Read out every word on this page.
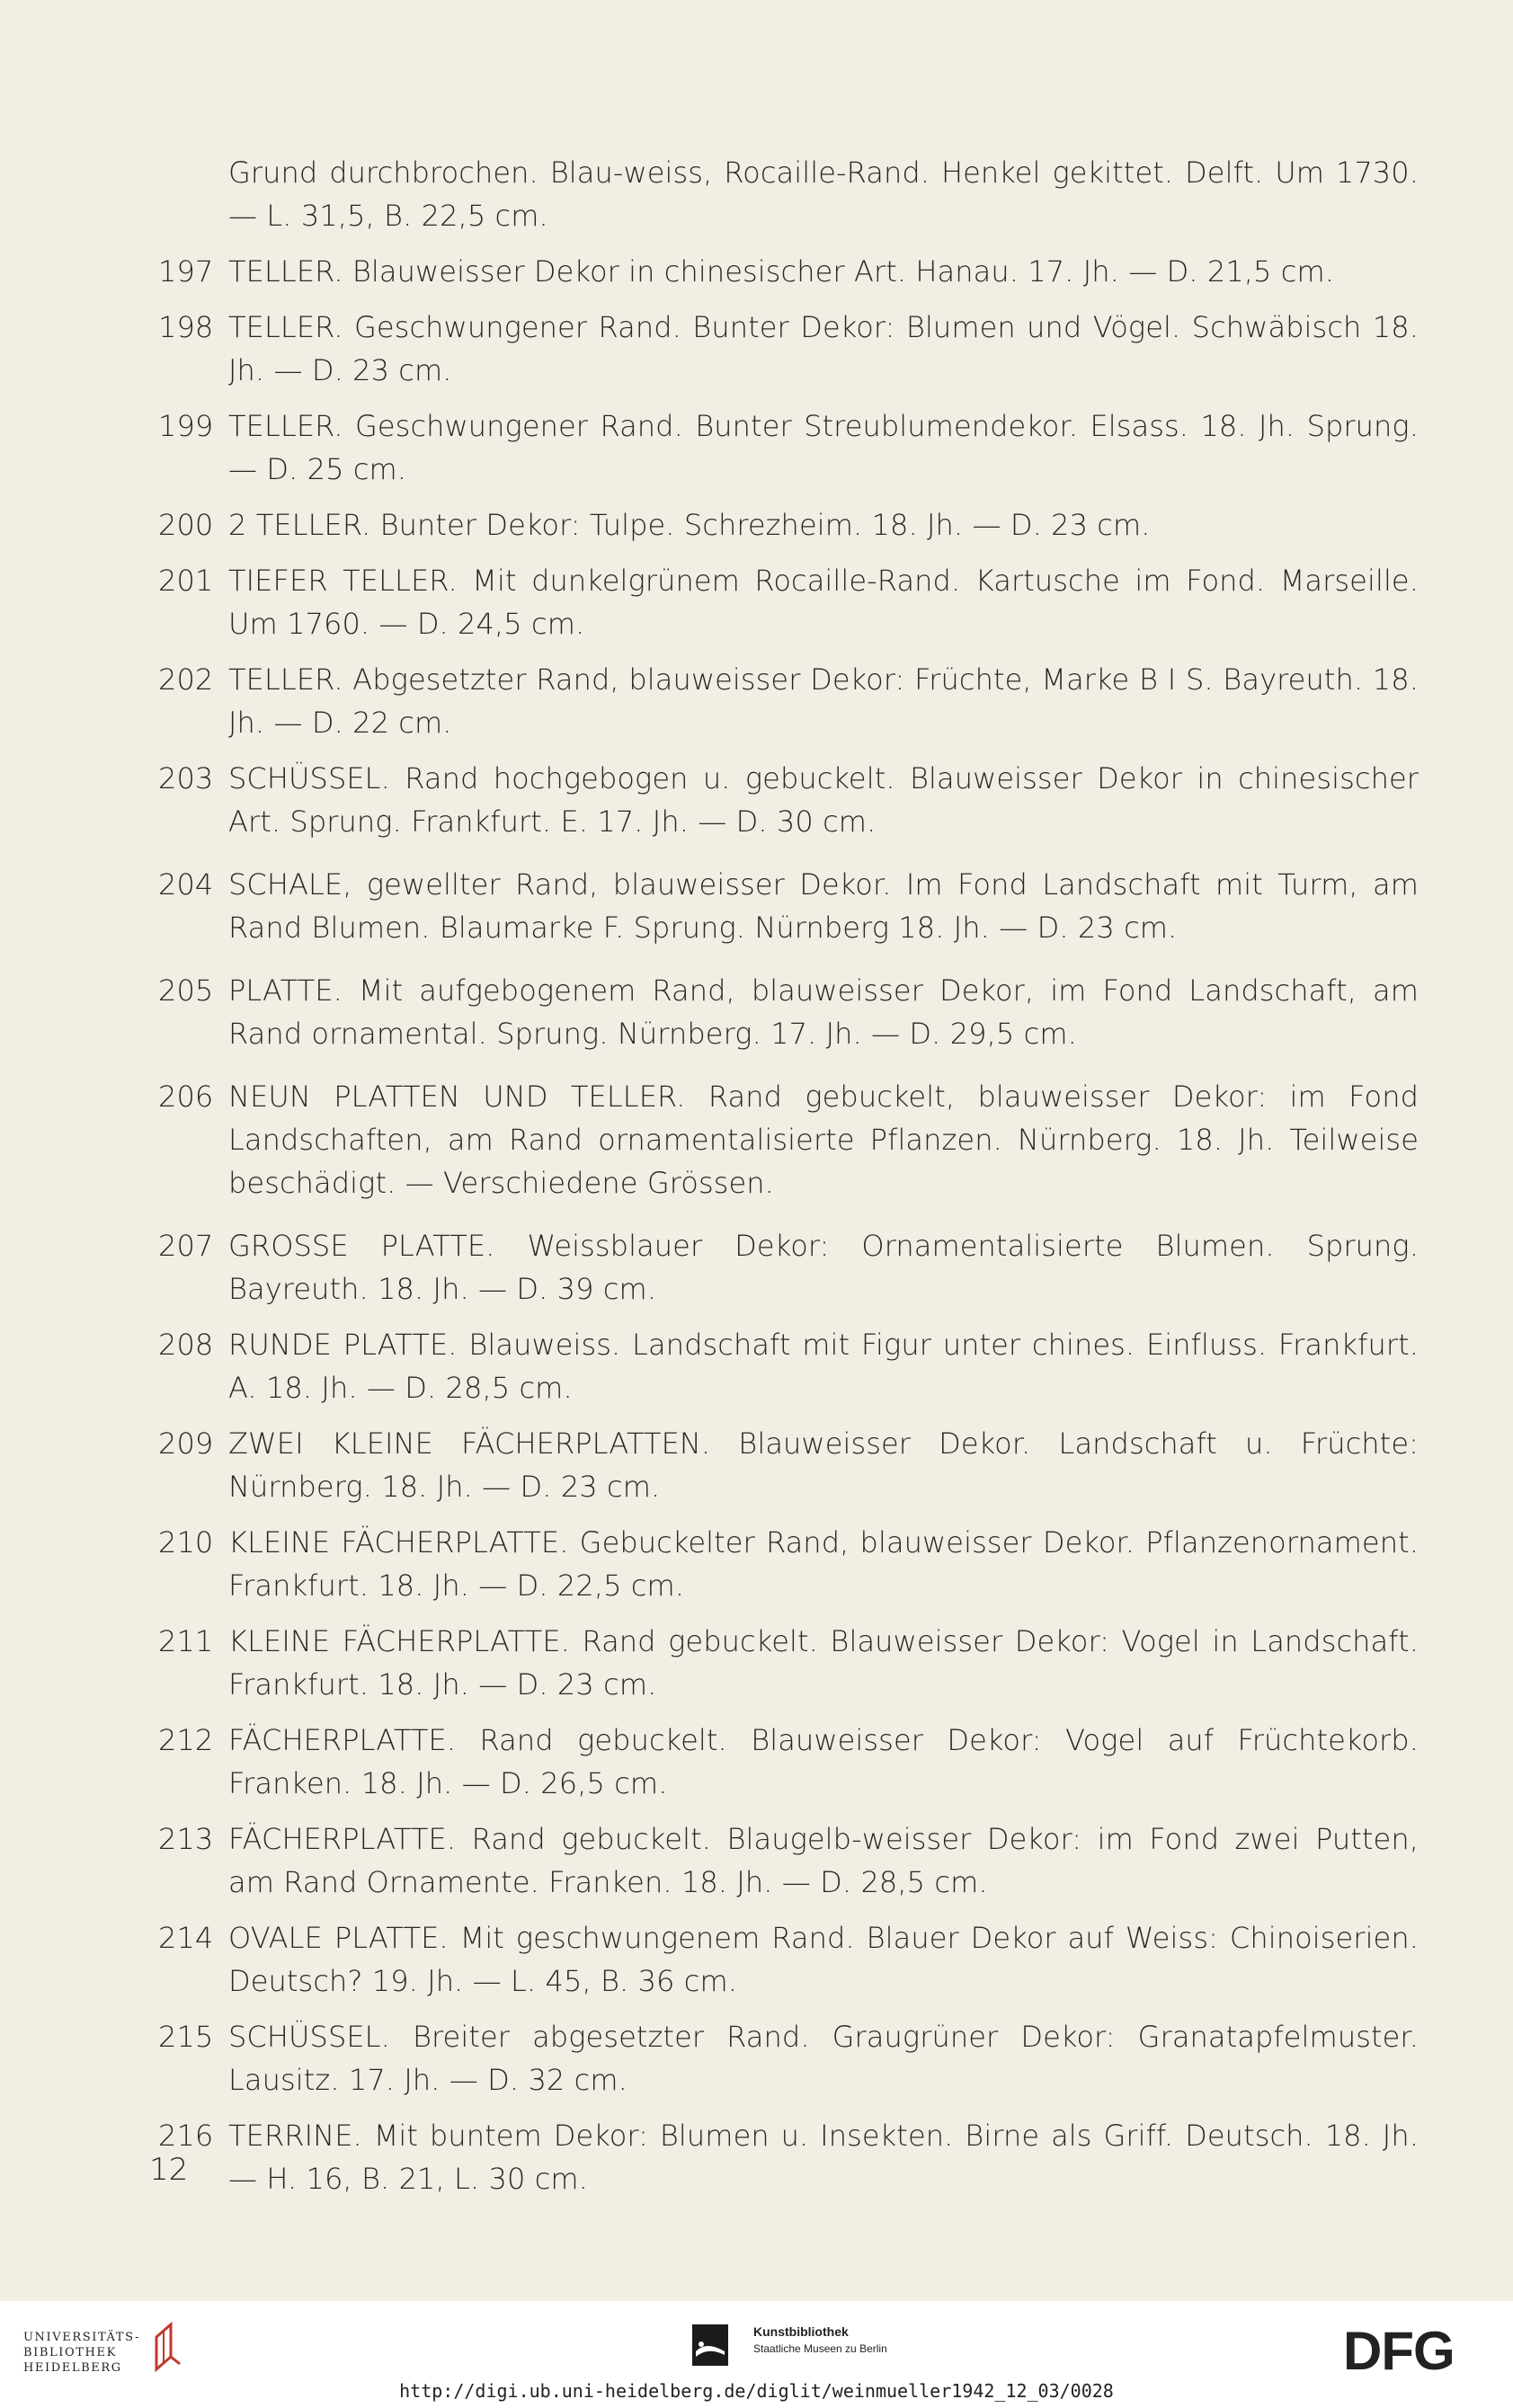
Grund durchbrochen. Blau-weiss, Rocaille-Rand. Henkel gekittet. Delft. Um 1730. — L. 31,5, B. 22,5 cm.
197 TELLER. Blauweisser Dekor in chinesischer Art. Hanau. 17. Jh. — D. 21,5 cm.
198 TELLER. Geschwungener Rand. Bunter Dekor: Blumen und Vögel. Schwäbisch 18. Jh. — D. 23 cm.
199 TELLER. Geschwungener Rand. Bunter Streublumendekor. Elsass. 18. Jh. Sprung. — D. 25 cm.
200 2 TELLER. Bunter Dekor: Tulpe. Schrezheim. 18. Jh. — D. 23 cm.
201 TIEFER TELLER. Mit dunkelgrünem Rocaille-Rand. Kartusche im Fond. Marseille. Um 1760. — D. 24,5 cm.
202 TELLER. Abgesetzter Rand, blauweisser Dekor: Früchte, Marke B I S. Bayreuth. 18. Jh. — D. 22 cm.
203 SCHÜSSEL. Rand hochgebogen u. gebuckelt. Blauweisser Dekor in chinesischer Art. Sprung. Frankfurt. E. 17. Jh. — D. 30 cm.
204 SCHALE, gewellter Rand, blauweisser Dekor. Im Fond Landschaft mit Turm, am Rand Blumen. Blaumarke F. Sprung. Nürnberg 18. Jh. — D. 23 cm.
205 PLATTE. Mit aufgebogenem Rand, blauweisser Dekor, im Fond Landschaft, am Rand ornamental. Sprung. Nürnberg. 17. Jh. — D. 29,5 cm.
206 NEUN PLATTEN UND TELLER. Rand gebuckelt, blauweisser Dekor: im Fond Landschaften, am Rand ornamentalisierte Pflanzen. Nürnberg. 18. Jh. Teilweise beschädigt. — Verschiedene Grössen.
207 GROSSE PLATTE. Weissblauer Dekor: Ornamentalisierte Blumen. Sprung. Bayreuth. 18. Jh. — D. 39 cm.
208 RUNDE PLATTE. Blauweiss. Landschaft mit Figur unter chines. Einfluss. Frankfurt. A. 18. Jh. — D. 28,5 cm.
209 ZWEI KLEINE FÄCHERPLATTEN. Blauweisser Dekor. Landschaft u. Früchte: Nürnberg. 18. Jh. — D. 23 cm.
210 KLEINE FÄCHERPLATTE. Gebuckelter Rand, blauweisser Dekor. Pflanzenornament. Frankfurt. 18. Jh. — D. 22,5 cm.
211 KLEINE FÄCHERPLATTE. Rand gebuckelt. Blauweisser Dekor: Vogel in Landschaft. Frankfurt. 18. Jh. — D. 23 cm.
212 FÄCHERPLATTE. Rand gebuckelt. Blauweisser Dekor: Vogel auf Früchtekorb. Franken. 18. Jh. — D. 26,5 cm.
213 FÄCHERPLATTE. Rand gebuckelt. Blaugelb-weisser Dekor: im Fond zwei Putten, am Rand Ornamente. Franken. 18. Jh. — D. 28,5 cm.
214 OVALE PLATTE. Mit geschwungenem Rand. Blauer Dekor auf Weiss: Chinoiserien. Deutsch? 19. Jh. — L. 45, B. 36 cm.
215 SCHÜSSEL. Breiter abgesetzter Rand. Graugrüner Dekor: Granatapfelmuster. Lausitz. 17. Jh. — D. 32 cm.
216 TERRINE. Mit buntem Dekor: Blumen u. Insekten. Birne als Griff. Deutsch. 18. Jh. — H. 16, B. 21, L. 30 cm.
12
UNIVERSITÄTS-
BIBLIOTHEK
HEIDELBERG
Kunstbibliothek
Staatliche Museen zu Berlin	DFG
http://digi.ub.uni-heidelberg.de/diglit/weinmueller1942_12_03/0028
